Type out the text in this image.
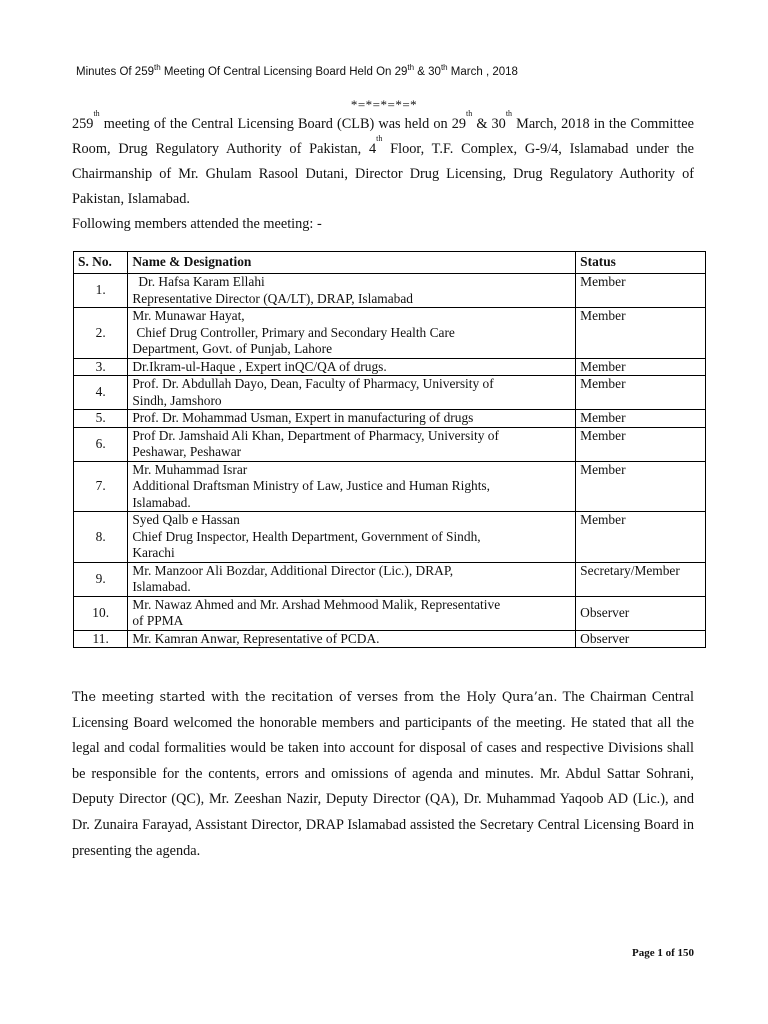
Minutes Of 259th Meeting Of Central Licensing Board Held On 29th & 30th March , 2018
*=*=*=*=*

259th meeting of the Central Licensing Board (CLB) was held on 29th & 30th March, 2018 in the Committee Room, Drug Regulatory Authority of Pakistan, 4th Floor, T.F. Complex, G-9/4, Islamabad under the Chairmanship of Mr. Ghulam Rasool Dutani, Director Drug Licensing, Drug Regulatory Authority of Pakistan, Islamabad.

Following members attended the meeting: -

S. No.	Name & Designation	Status
1.	Dr. Hafsa Karam Ellahi
Representative Director (QA/LT), DRAP, Islamabad	Member
2.	Mr. Munawar Hayat,
Chief Drug Controller, Primary and Secondary Health Care
Department, Govt. of Punjab, Lahore	Member
3.	Dr.Ikram-ul-Haque , Expert inQC/QA of drugs.	Member
4.	Prof. Dr. Abdullah Dayo, Dean, Faculty of Pharmacy, University of
Sindh, Jamshoro	Member
5.	Prof. Dr. Mohammad Usman, Expert in manufacturing of drugs	Member
6.	Prof Dr. Jamshaid Ali Khan, Department of Pharmacy, University of
Peshawar, Peshawar	Member
7.	Mr. Muhammad Israr
Additional Draftsman Ministry of Law, Justice and Human Rights,
Islamabad.	Member
8.	Syed Qalb e Hassan
Chief Drug Inspector, Health Department, Government of Sindh,
Karachi	Member
9.	Mr. Manzoor Ali Bozdar, Additional Director (Lic.), DRAP,
Islamabad.	Secretary/Member
10.	Mr. Nawaz Ahmed and Mr. Arshad Mehmood Malik, Representative
of PPMA	Observer
11.	Mr. Kamran Anwar, Representative of PCDA.	Observer
The meeting started with the recitation of verses from the Holy Qura’an. The Chairman Central Licensing Board welcomed the honorable members and participants of the meeting. He stated that all the legal and codal formalities would be taken into account for disposal of cases and respective Divisions shall be responsible for the contents, errors and omissions of agenda and minutes. Mr. Abdul Sattar Sohrani, Deputy Director (QC), Mr. Zeeshan Nazir, Deputy Director (QA), Dr. Muhammad Yaqoob AD (Lic.), and Dr. Zunaira Farayad, Assistant Director, DRAP Islamabad assisted the Secretary Central Licensing Board in presenting the agenda.
Page 1 of 150
